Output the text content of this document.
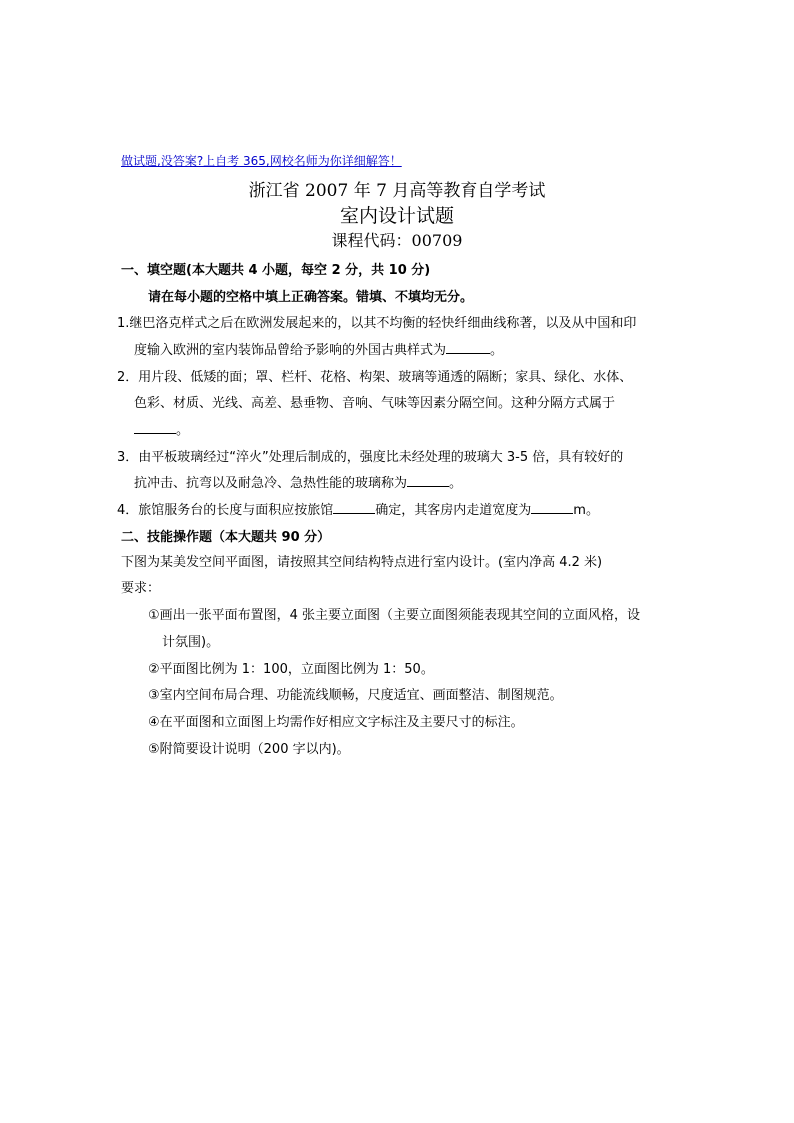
做试题,没答案?上自考 365,网校名师为你详细解答！
浙江省 2007 年 7 月高等教育自学考试
室内设计试题
课程代码：00709
一、填空题(本大题共 4 小题，每空 2 分，共 10 分)
请在每小题的空格中填上正确答案。错填、不填均无分。
1.继巴洛克样式之后在欧洲发展起来的，以其不均衡的轻快纤细曲线称著，以及从中国和印
度输入欧洲的室内装饰品曾给予影响的外国古典样式为	。
2．用片段、低矮的面；罩、栏杆、花格、构架、玻璃等通透的隔断；家具、绿化、水体、
色彩、材质、光线、高差、悬垂物、音响、气味等因素分隔空间。这种分隔方式属于
。
3．由平板玻璃经过“淬火”处理后制成的，强度比未经处理的玻璃大 3-5 倍，具有较好的
抗冲击、抗弯以及耐急冷、急热性能的玻璃称为	。
4．旅馆服务台的长度与面积应按旅馆	确定，其客房内走道宽度为	m。
二、技能操作题（本大题共 90 分）
下图为某美发空间平面图，请按照其空间结构特点进行室内设计。(室内净高 4.2 米)
要求：
①画出一张平面布置图，4 张主要立面图（主要立面图须能表现其空间的立面风格，设
计氛围)。
②平面图比例为 1：100，立面图比例为 1：50。
③室内空间布局合理、功能流线顺畅，尺度适宜、画面整洁、制图规范。
④在平面图和立面图上均需作好相应文字标注及主要尺寸的标注。
⑤附简要设计说明（200 字以内)。
